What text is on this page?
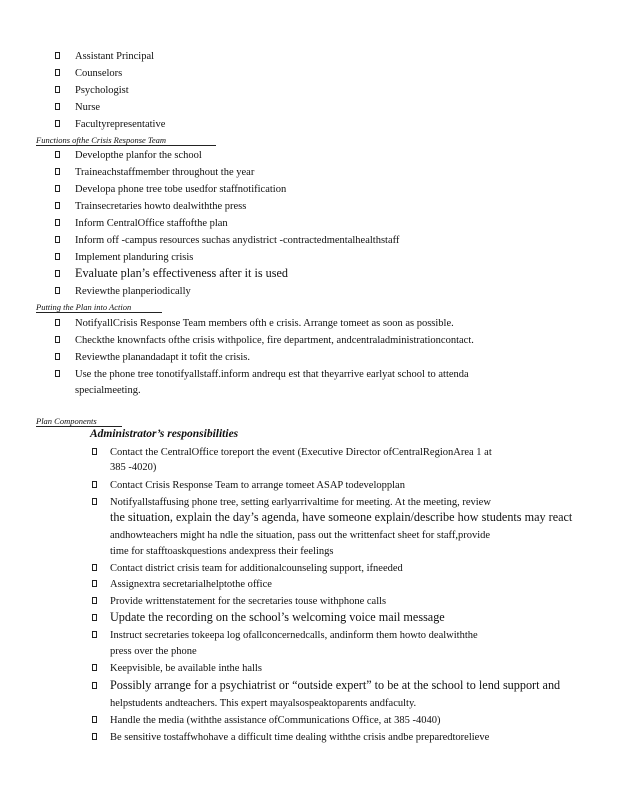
Assistant Principal
Counselors
Psychologist
Nurse
Facultyrepresentative
Functions ofthe Crisis Response Team
Developthe planfor the school
Traineachstaffmember throughout the year
Developa phone tree tobe usedfor staffnotification
Trainsecretaries howto dealwiththe press
Inform CentralOffice staffofthe plan
Inform off -campus resources suchas anydistrict -contractedmentalhealthstaff
Implement planduring crisis
Evaluate plan’s effectiveness after it is used
Reviewthe planperiodically
Putting the Plan into Action
NotifyallCrisis Response Team members ofth e crisis. Arrange tomeet as soon as possible.
Checkthe knownfacts ofthe crisis withpolice, fire department, andcentraladministrationcontact.
Reviewthe planandadapt it tofit the crisis.
Use the phone tree tonotifyallstaff.inform andrequ est that theyarrive earlyat school to attenda
specialmeeting.
Plan Components
Administrator’s responsibilities
Contact the CentralOffice toreport the event (Executive Director ofCentralRegionArea 1 at
385 -4020)
Contact Crisis Response Team to arrange tomeet ASAP todevelopplan
Notifyallstaffusing phone tree, setting earlyarrivaltime for meeting. At the meeting, review
the situation, explain the day’s agenda, have someone explain/describe how students may react
andhowteachers might ha ndle the situation, pass out the writtenfact sheet for staff,provide
time for stafftoaskquestions andexpress their feelings
Contact district crisis team for additionalcounseling support, ifneeded
Assignextra secretarialhelptothe office
Provide writtenstatement for the secretaries touse withphone calls
Update the recording on the school’s welcoming voice mail message
Instruct secretaries tokeepa log ofallconcernedcalls, andinform them howto dealwiththe
press over the phone
Keepvisible, be available inthe halls
Possibly arrange for a psychiatrist or “outside expert” to be at the school to lend support and
helpstudents andteachers. This expert mayalsospeaktoparents andfaculty.
Handle the media (withthe assistance ofCommunications Office, at 385 -4040)
Be sensitive tostaffwhohave a difficult time dealing withthe crisis andbe preparedtorelieve
